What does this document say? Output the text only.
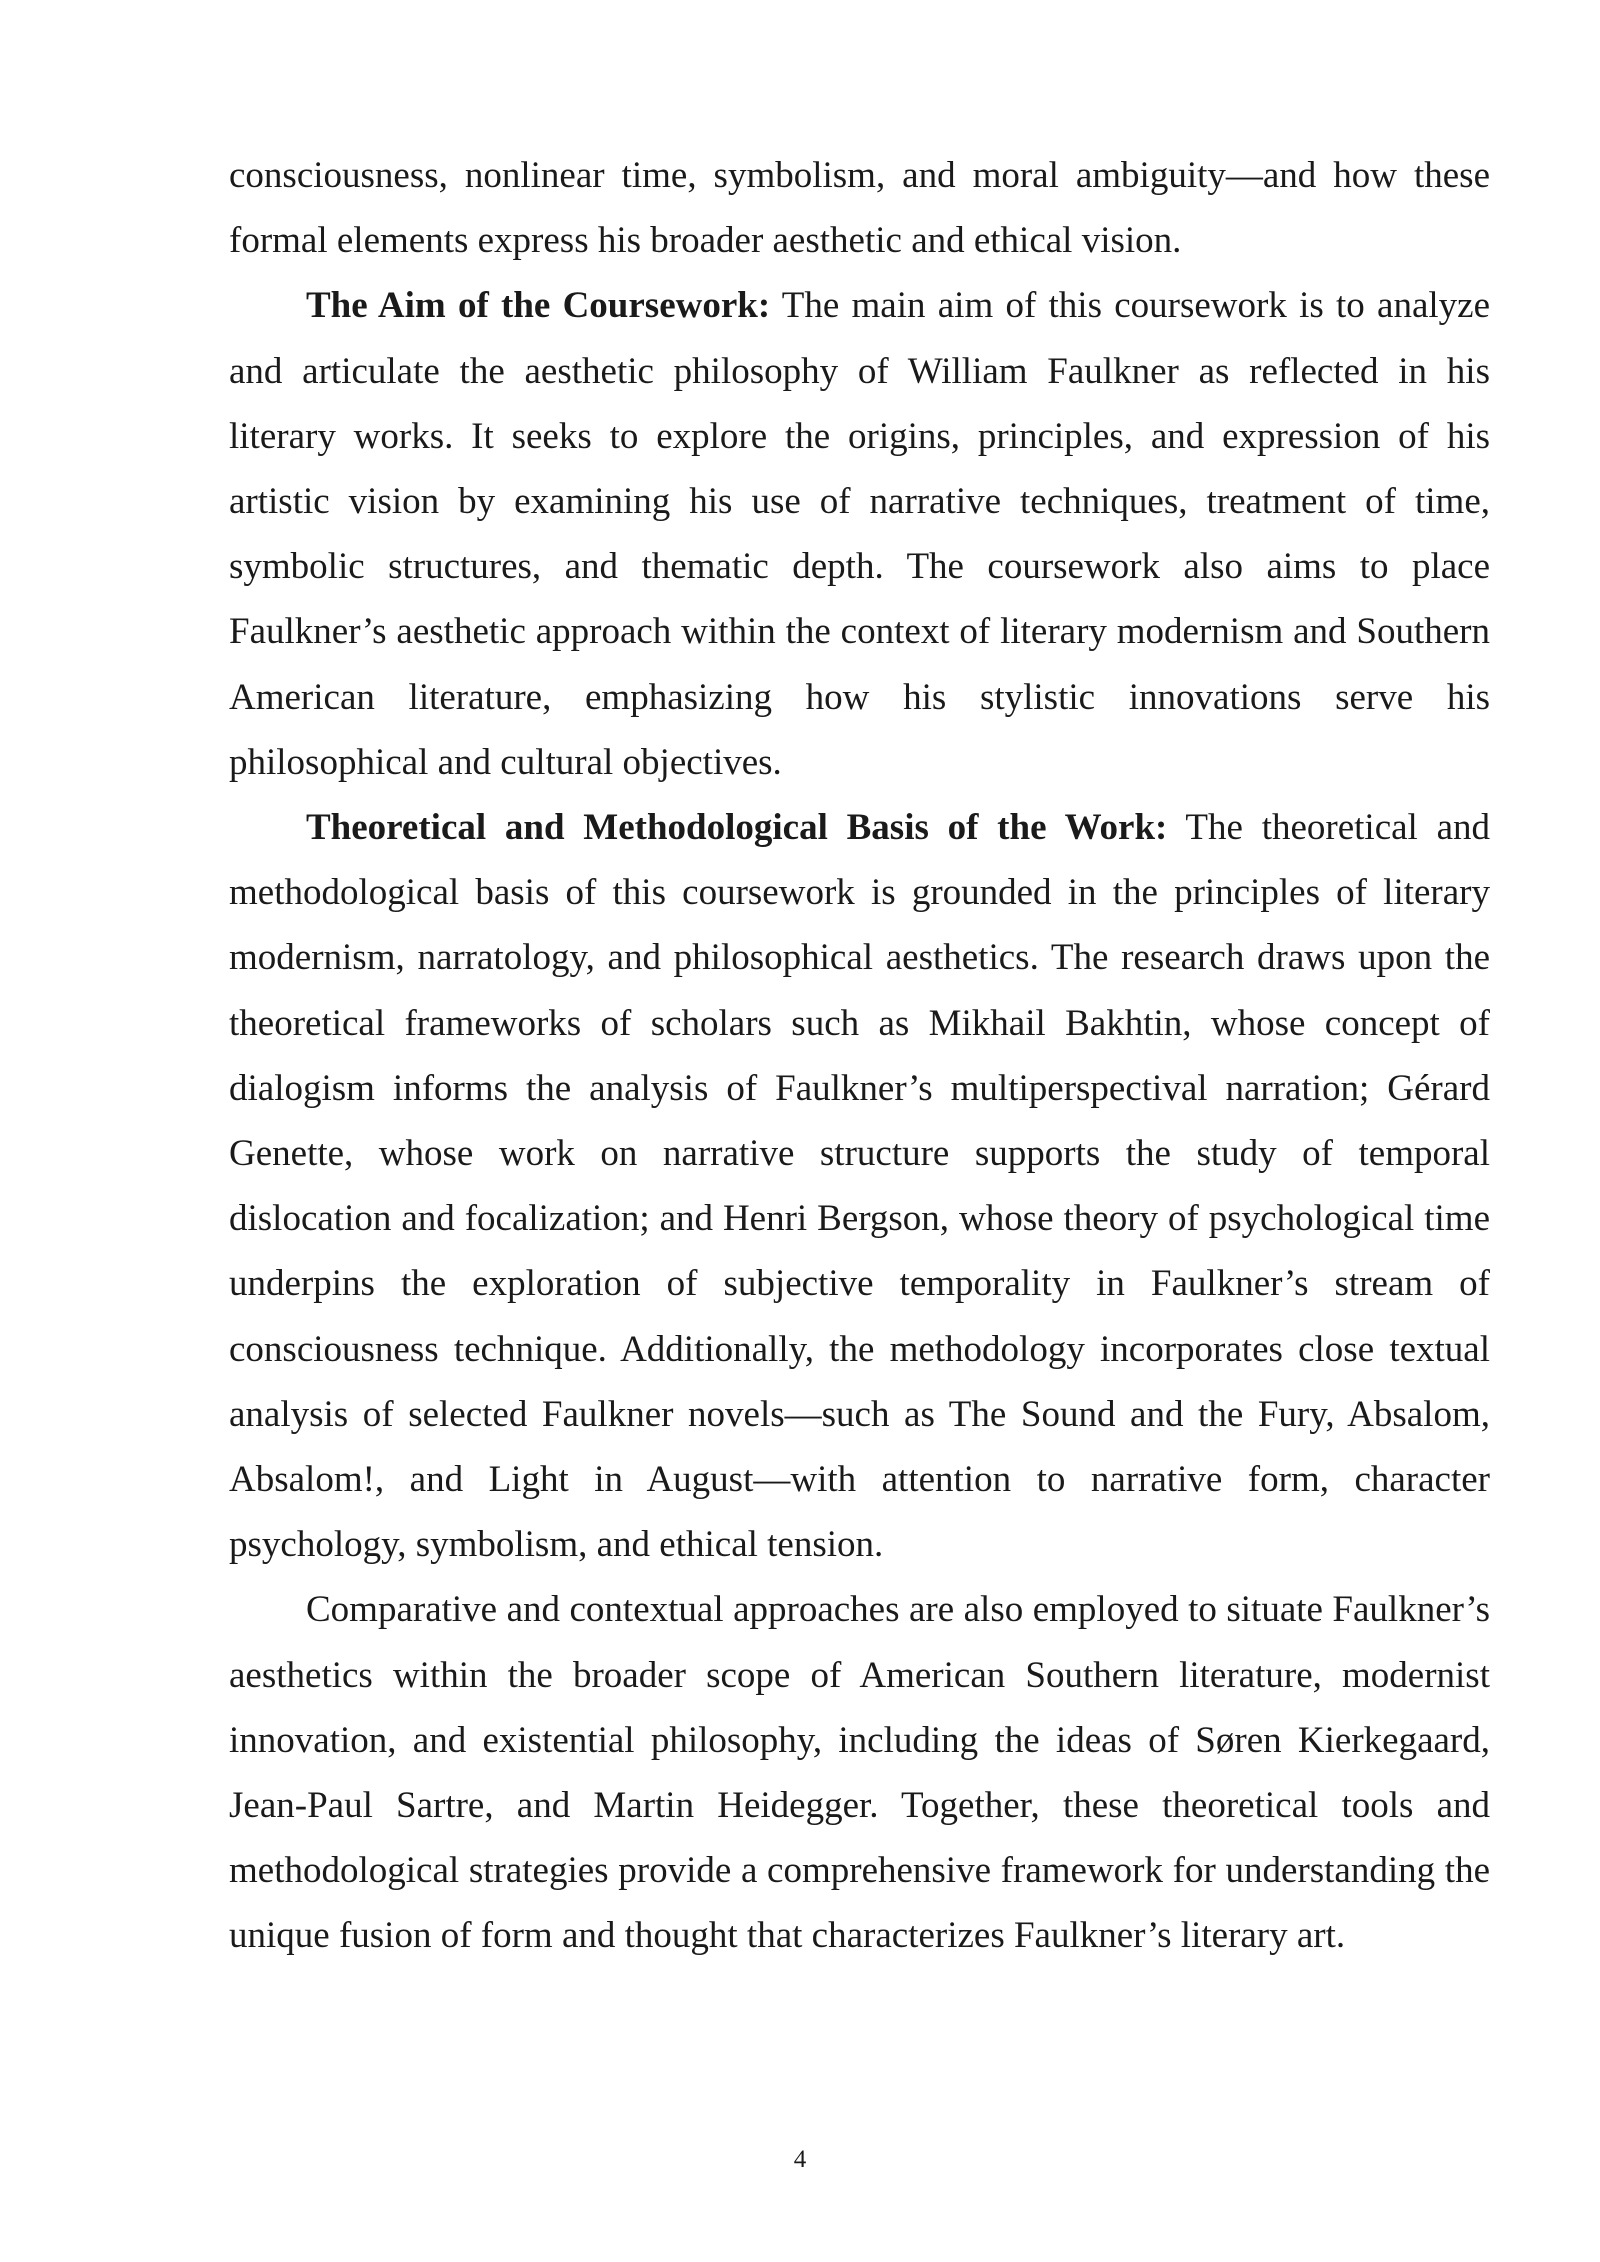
consciousness, nonlinear time, symbolism, and moral ambiguity—and how these formal elements express his broader aesthetic and ethical vision.

The Aim of the Coursework: The main aim of this coursework is to analyze and articulate the aesthetic philosophy of William Faulkner as reflected in his literary works. It seeks to explore the origins, principles, and expression of his artistic vision by examining his use of narrative techniques, treatment of time, symbolic structures, and thematic depth. The coursework also aims to place Faulkner’s aesthetic approach within the context of literary modernism and Southern American literature, emphasizing how his stylistic innovations serve his philosophical and cultural objectives.

Theoretical and Methodological Basis of the Work: The theoretical and methodological basis of this coursework is grounded in the principles of literary modernism, narratology, and philosophical aesthetics. The research draws upon the theoretical frameworks of scholars such as Mikhail Bakhtin, whose concept of dialogism informs the analysis of Faulkner’s multiperspectival narration; Gérard Genette, whose work on narrative structure supports the study of temporal dislocation and focalization; and Henri Bergson, whose theory of psychological time underpins the exploration of subjective temporality in Faulkner’s stream of consciousness technique. Additionally, the methodology incorporates close textual analysis of selected Faulkner novels—such as The Sound and the Fury, Absalom, Absalom!, and Light in August—with attention to narrative form, character psychology, symbolism, and ethical tension.

Comparative and contextual approaches are also employed to situate Faulkner’s aesthetics within the broader scope of American Southern literature, modernist innovation, and existential philosophy, including the ideas of Søren Kierkegaard, Jean-Paul Sartre, and Martin Heidegger. Together, these theoretical tools and methodological strategies provide a comprehensive framework for understanding the unique fusion of form and thought that characterizes Faulkner’s literary art.

4
